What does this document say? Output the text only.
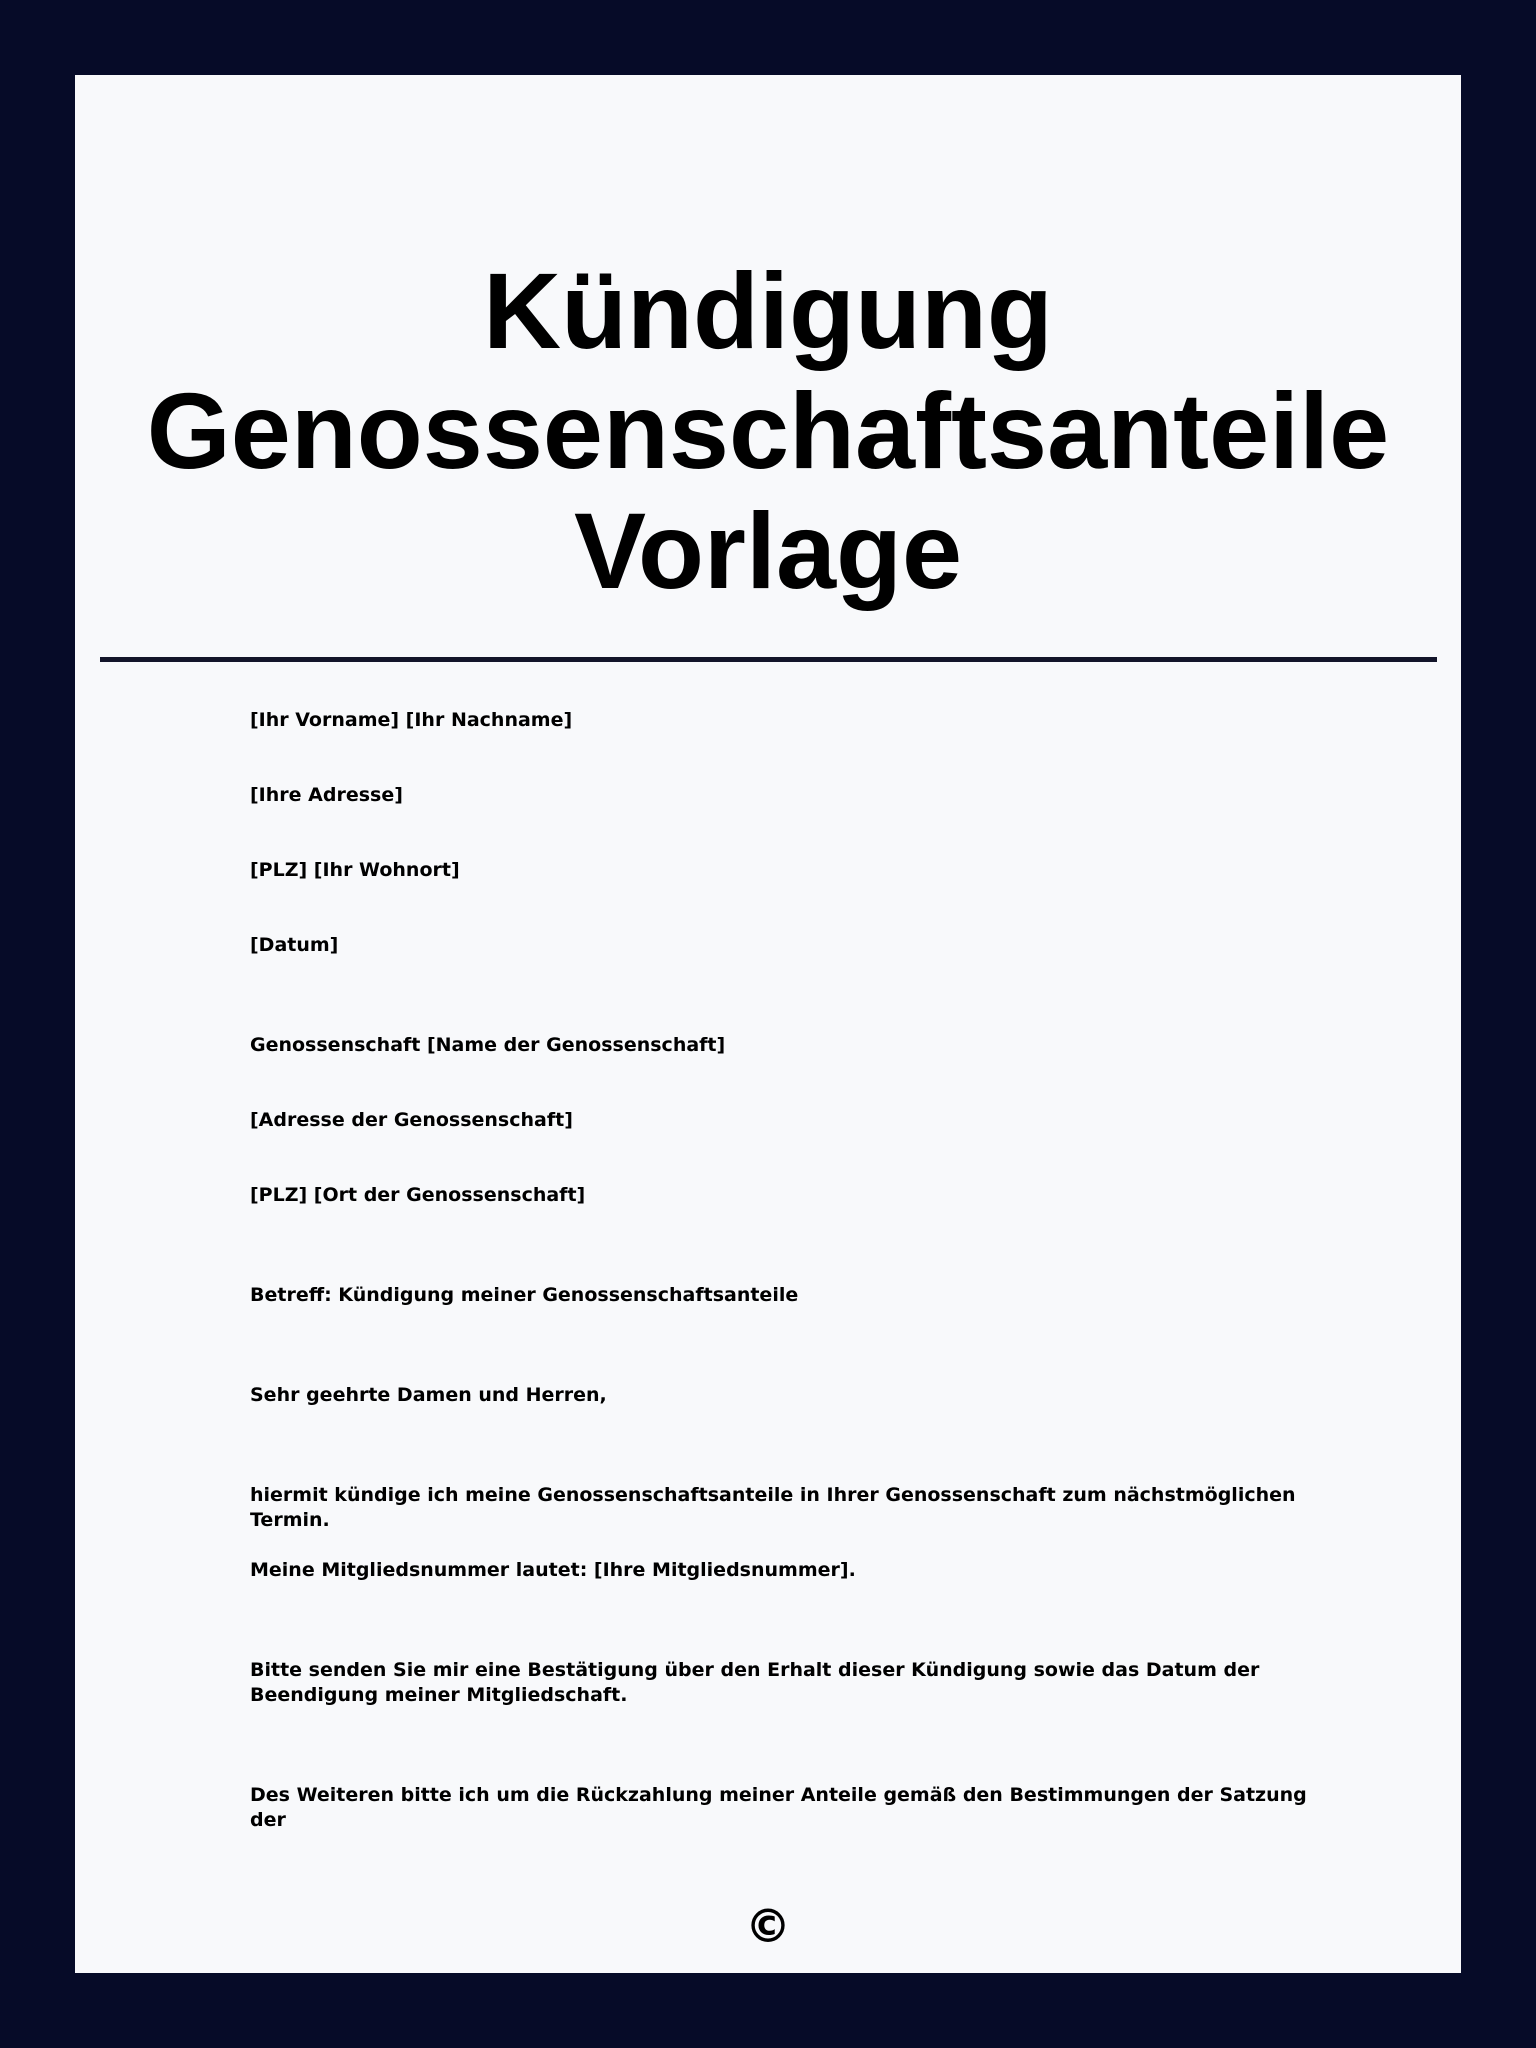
Kündigung
Genossenschaftsanteile
Vorlage

[Ihr Vorname] [Ihr Nachname]

[Ihre Adresse]

[PLZ] [Ihr Wohnort]

[Datum]

Genossenschaft [Name der Genossenschaft]

[Adresse der Genossenschaft]

[PLZ] [Ort der Genossenschaft]

Betreff: Kündigung meiner Genossenschaftsanteile

Sehr geehrte Damen und Herren,

hiermit kündige ich meine Genossenschaftsanteile in Ihrer Genossenschaft zum nächstmöglichen Termin.

Meine Mitgliedsnummer lautet: [Ihre Mitgliedsnummer].

Bitte senden Sie mir eine Bestätigung über den Erhalt dieser Kündigung sowie das Datum der Beendigung meiner Mitgliedschaft.

Des Weiteren bitte ich um die Rückzahlung meiner Anteile gemäß den Bestimmungen der Satzung der

©
